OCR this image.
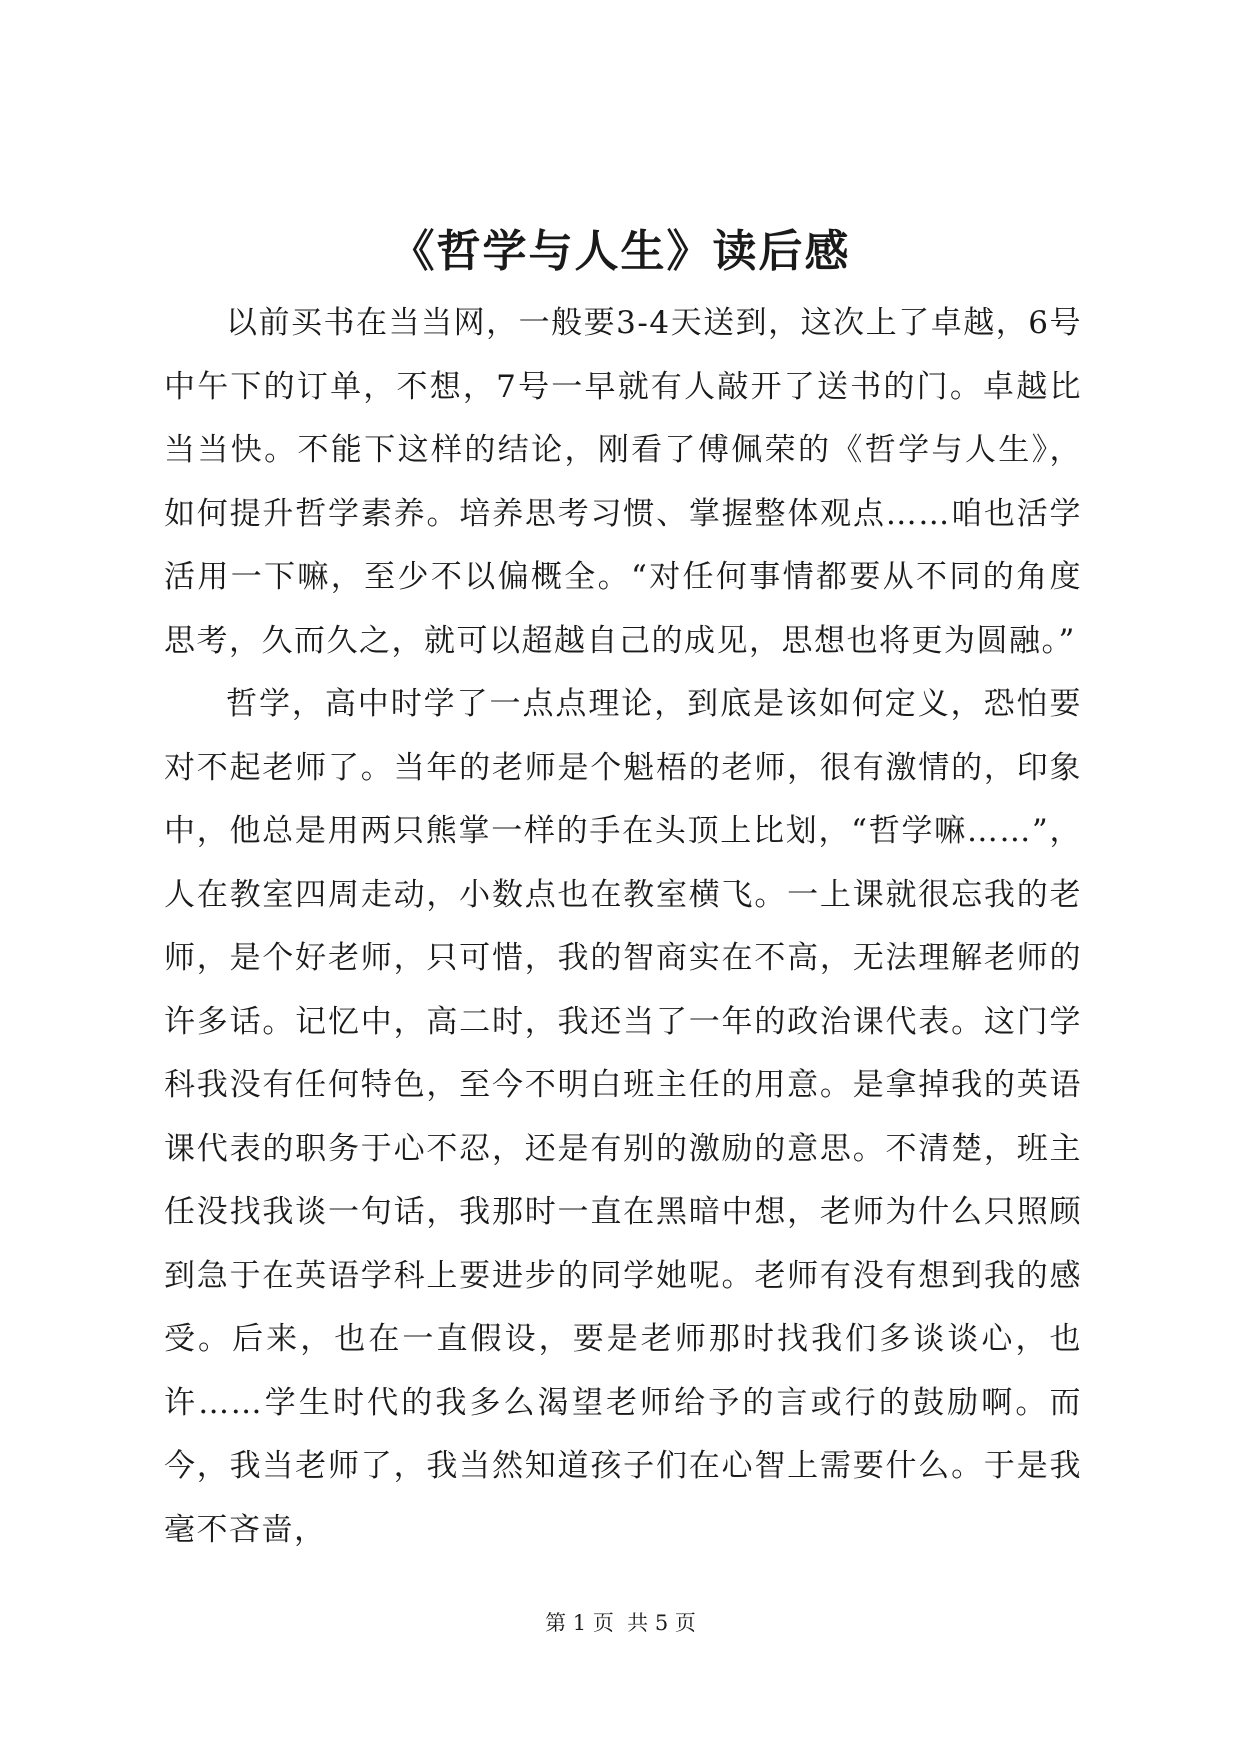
《哲学与人生》读后感

以前买书在当当网，一般要3-4天送到，这次上了卓越，6号中午下的订单，不想，7号一早就有人敲开了送书的门。卓越比当当快。不能下这样的结论，刚看了傅佩荣的《哲学与人生》，如何提升哲学素养。培养思考习惯、掌握整体观点……咱也活学活用一下嘛，至少不以偏概全。“对任何事情都要从不同的角度思考，久而久之，就可以超越自己的成见，思想也将更为圆融。”

哲学，高中时学了一点点理论，到底是该如何定义，恐怕要对不起老师了。当年的老师是个魁梧的老师，很有激情的，印象中，他总是用两只熊掌一样的手在头顶上比划，“哲学嘛……”，人在教室四周走动，小数点也在教室横飞。一上课就很忘我的老师，是个好老师，只可惜，我的智商实在不高，无法理解老师的许多话。记忆中，高二时，我还当了一年的政治课代表。这门学科我没有任何特色，至今不明白班主任的用意。是拿掉我的英语课代表的职务于心不忍，还是有别的激励的意思。不清楚，班主任没找我谈一句话，我那时一直在黑暗中想，老师为什么只照顾到急于在英语学科上要进步的同学她呢。老师有没有想到我的感受。后来，也在一直假设，要是老师那时找我们多谈谈心，也许……学生时代的我多么渴望老师给予的言或行的鼓励啊。而今，我当老师了，我当然知道孩子们在心智上需要什么。于是我毫不吝啬，

第 1 页  共 5 页
